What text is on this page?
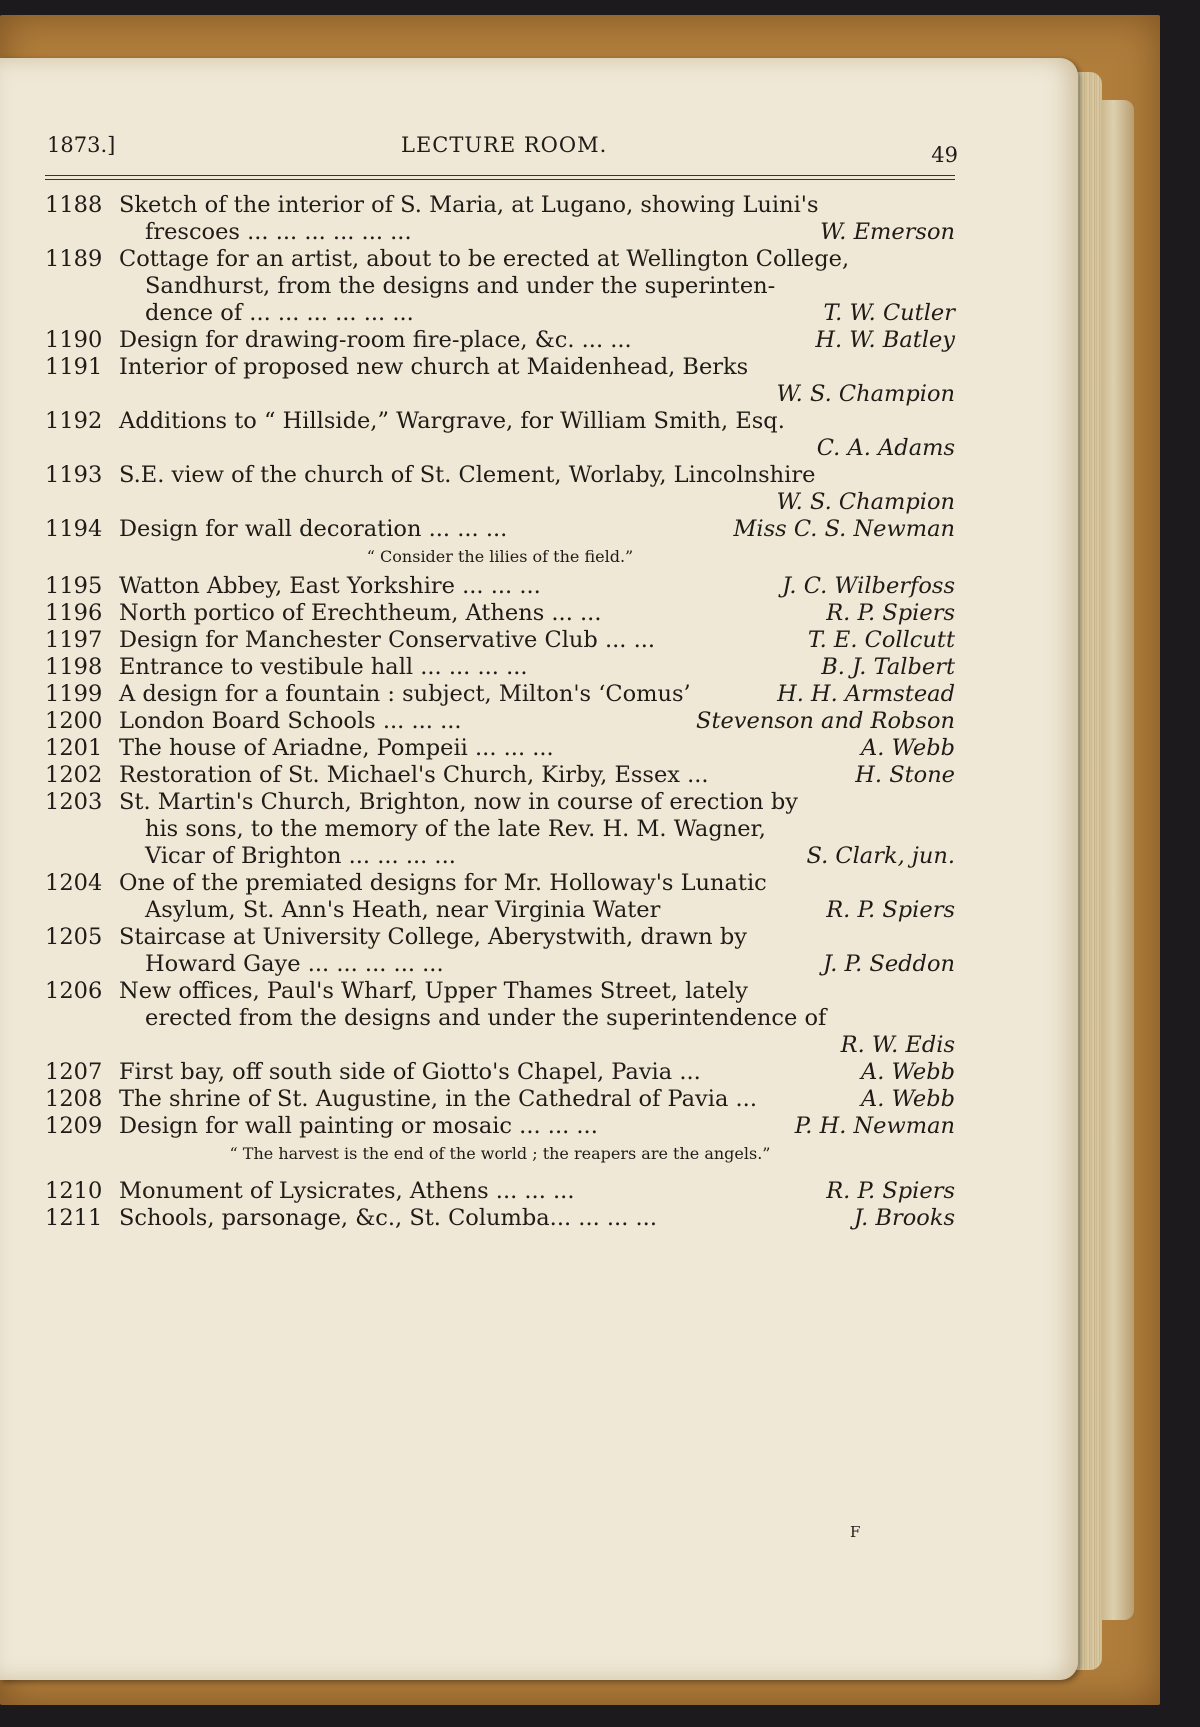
1873.]	LECTURE ROOM.	49
1188 Sketch of the interior of S. Maria, at Lugano, showing Luini's
frescoes ... ... ... ... ... ...	W. Emerson
1189 Cottage for an artist, about to be erected at Wellington College,
Sandhurst, from the designs and under the superinten-
dence of ... ... ... ... ... ...	T. W. Cutler
1190 Design for drawing-room fire-place, &c. ... ...	H. W. Batley
1191 Interior of proposed new church at Maidenhead, Berks
W. S. Champion
1192 Additions to “ Hillside,” Wargrave, for William Smith, Esq.
C. A. Adams
1193 S.E. view of the church of St. Clement, Worlaby, Lincolnshire
W. S. Champion
1194 Design for wall decoration ... ... ...	Miss C. S. Newman
“ Consider the lilies of the field.”
1195 Watton Abbey, East Yorkshire ... ... ...	J. C. Wilberfoss
1196 North portico of Erechtheum, Athens ... ...	R. P. Spiers
1197 Design for Manchester Conservative Club ... ...	T. E. Collcutt
1198 Entrance to vestibule hall ... ... ... ...	B. J. Talbert
1199 A design for a fountain : subject, Milton's ‘Comus’	H. H. Armstead
1200 London Board Schools ... ... ...	Stevenson and Robson
1201 The house of Ariadne, Pompeii ... ... ...	A. Webb
1202 Restoration of St. Michael's Church, Kirby, Essex ...	H. Stone
1203 St. Martin's Church, Brighton, now in course of erection by
his sons, to the memory of the late Rev. H. M. Wagner,
Vicar of Brighton ... ... ... ...	S. Clark, jun.
1204 One of the premiated designs for Mr. Holloway's Lunatic
Asylum, St. Ann's Heath, near Virginia Water	R. P. Spiers
1205 Staircase at University College, Aberystwith, drawn by
Howard Gaye ... ... ... ... ...	J. P. Seddon
1206 New offices, Paul's Wharf, Upper Thames Street, lately
erected from the designs and under the superintendence of
R. W. Edis
1207 First bay, off south side of Giotto's Chapel, Pavia ...	A. Webb
1208 The shrine of St. Augustine, in the Cathedral of Pavia ...	A. Webb
1209 Design for wall painting or mosaic ... ... ...	P. H. Newman
“ The harvest is the end of the world ; the reapers are the angels.”
1210 Monument of Lysicrates, Athens ... ... ...	R. P. Spiers
1211 Schools, parsonage, &c., St. Columba... ... ... ...	J. Brooks
F
